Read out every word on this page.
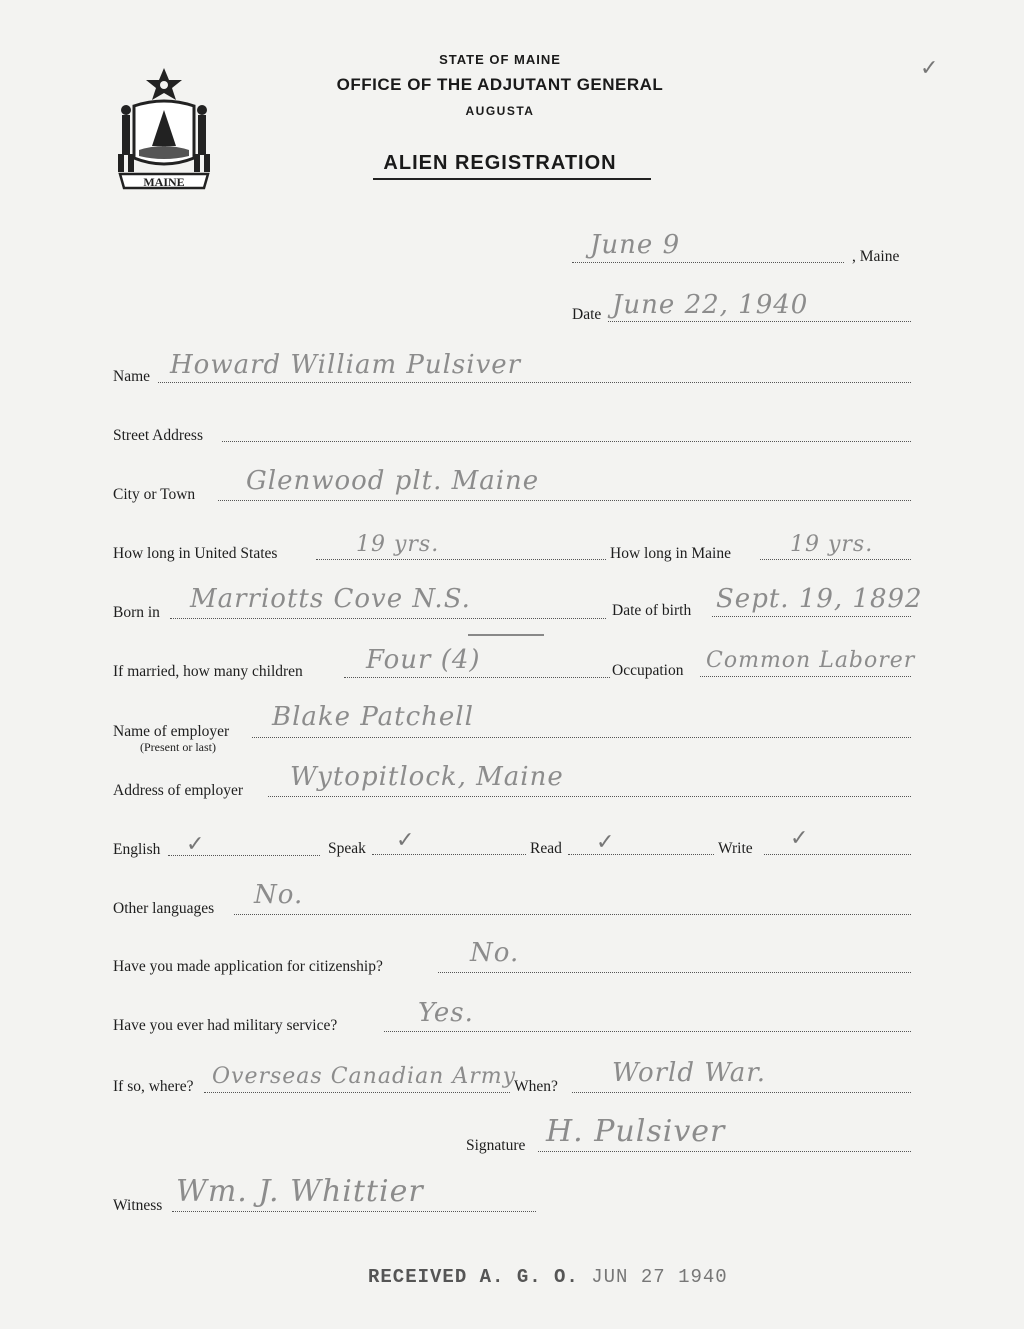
MAINE
STATE OF MAINE
OFFICE OF THE ADJUTANT GENERAL
AUGUSTA
ALIEN REGISTRATION
✓
June 9	, Maine
Date June 22, 1940
Name Howard William Pulsiver
Street Address
City or Town Glenwood plt. Maine
How long in United States	19 yrs.	How long in Maine	19 yrs.
Born in Marriotts Cove N.S.	Date of birth Sept. 19, 1892
If married, how many children Four (4)	Occupation Common Laborer
Name of employer
(Present or last)
Blake Patchell
Address of employer Wytopitlock, Maine
English ✓	Speak ✓	Read ✓	Write ✓
Other languages No.
Have you made application for citizenship?	No.
Have you ever had military service?	Yes.
If so, where? Overseas Canadian Army
When? World War.
Signature H. Pulsiver
Witness Wm. J. Whittier
RECEIVED A. G. O. JUN 27 1940
